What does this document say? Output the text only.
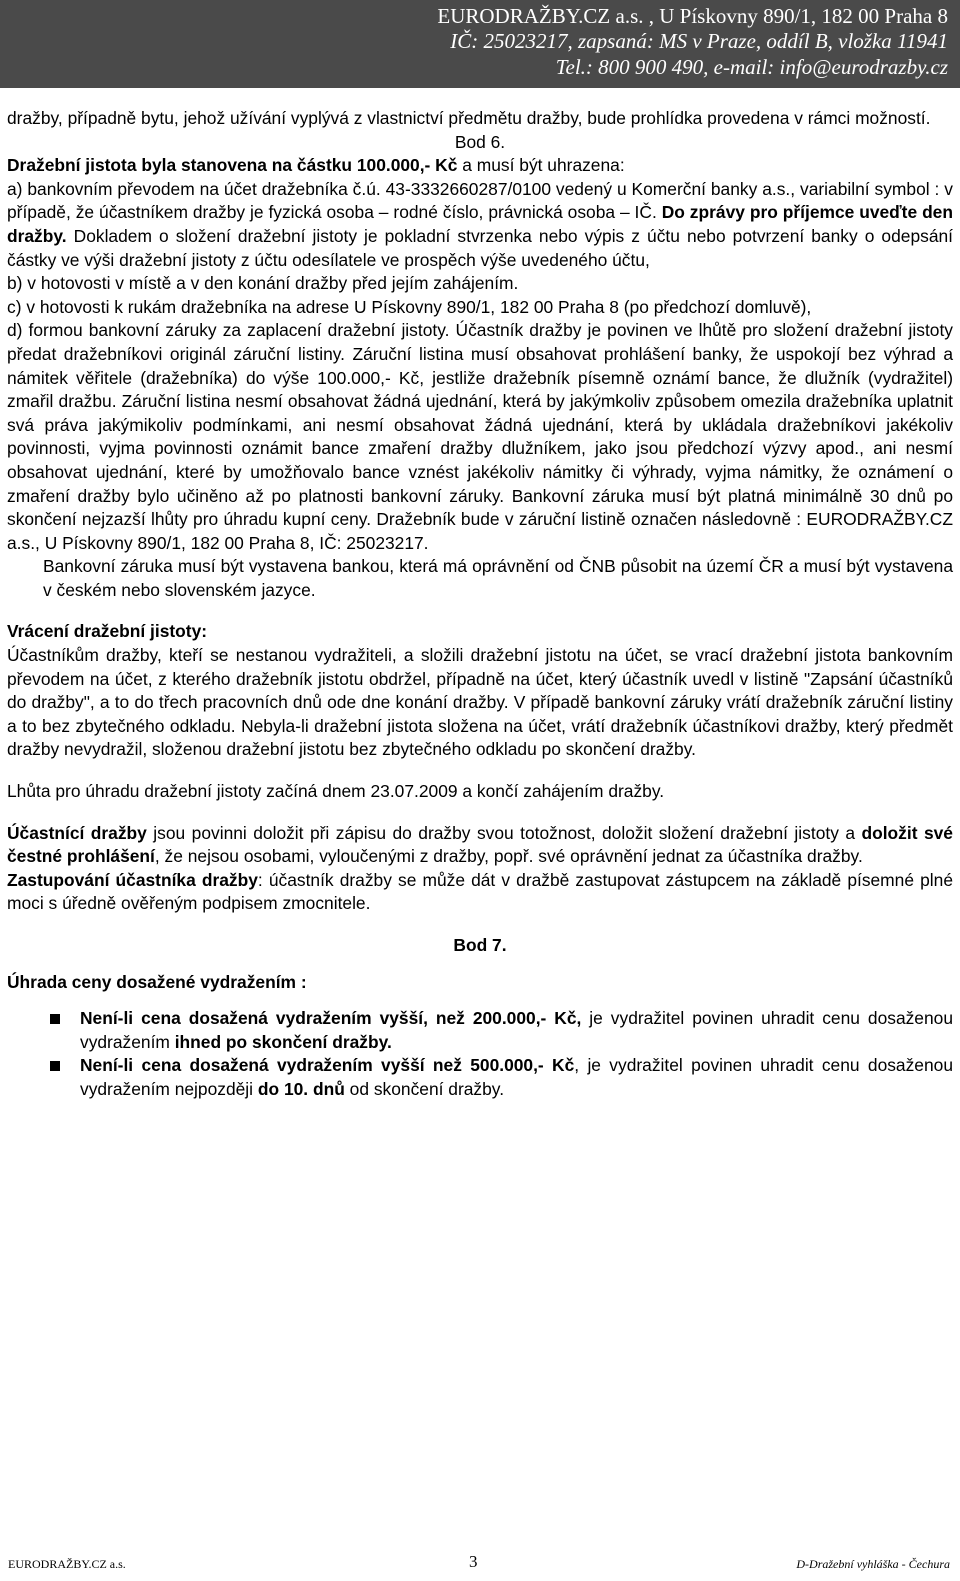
EURODRAŽBY.CZ a.s. , U Pískovny 890/1, 182 00 Praha 8
IČ: 25023217, zapsaná: MS v Praze, oddíl B, vložka 11941
Tel.: 800 900 490, e-mail: info@eurodrazby.cz

dražby, případně bytu, jehož užívání vyplývá z vlastnictví předmětu dražby, bude prohlídka provedena v rámci možností.

Bod 6.

Dražební jistota byla stanovena na částku 100.000,- Kč a musí být uhrazena:

a) bankovním převodem na účet dražebníka č.ú. 43-3332660287/0100 vedený u Komerční banky a.s., variabilní symbol : v případě, že účastníkem dražby je fyzická osoba – rodné číslo, právnická osoba – IČ. Do zprávy pro příjemce uveďte den dražby. Dokladem o složení dražební jistoty je pokladní stvrzenka nebo výpis z účtu nebo potvrzení banky o odepsání částky ve výši dražební jistoty z účtu odesílatele ve prospěch výše uvedeného účtu,

b) v hotovosti v místě a v den konání dražby před jejím zahájením.

c) v hotovosti k rukám dražebníka na adrese U Pískovny 890/1, 182 00 Praha 8 (po předchozí domluvě),

d) formou bankovní záruky za zaplacení dražební jistoty. Účastník dražby je povinen ve lhůtě pro složení dražební jistoty předat dražebníkovi originál záruční listiny. Záruční listina musí obsahovat prohlášení banky, že uspokojí bez výhrad a námitek věřitele (dražebníka) do výše 100.000,- Kč, jestliže dražebník písemně oznámí bance, že dlužník (vydražitel) zmařil dražbu. Záruční listina nesmí obsahovat žádná ujednání, která by jakýmkoliv způsobem omezila dražebníka uplatnit svá práva jakýmikoliv podmínkami, ani nesmí obsahovat žádná ujednání, která by ukládala dražebníkovi jakékoliv povinnosti, vyjma povinnosti oznámit bance zmaření dražby dlužníkem, jako jsou předchozí výzvy apod., ani nesmí obsahovat ujednání, které by umožňovalo bance vznést jakékoliv námitky či výhrady, vyjma námitky, že oznámení o zmaření dražby bylo učiněno až po platnosti bankovní záruky. Bankovní záruka musí být platná minimálně 30 dnů po skončení nejzazší lhůty pro úhradu kupní ceny. Dražebník bude v záruční listině označen následovně : EURODRAŽBY.CZ a.s., U Pískovny 890/1, 182 00 Praha 8, IČ: 25023217.

Bankovní záruka musí být vystavena bankou, která má oprávnění od ČNB působit na území ČR a musí být vystavena v českém nebo slovenském jazyce.

Vrácení dražební jistoty:

Účastníkům dražby, kteří se nestanou vydražiteli, a složili dražební jistotu na účet, se vrací dražební jistota bankovním převodem na účet, z kterého dražebník jistotu obdržel, případně na účet, který účastník uvedl v listině "Zapsání účastníků do dražby", a to do třech pracovních dnů ode dne konání dražby. V případě bankovní záruky vrátí dražebník záruční listiny a to bez zbytečného odkladu. Nebyla-li dražební jistota složena na účet, vrátí dražebník účastníkovi dražby, který předmět dražby nevydražil, složenou dražební jistotu bez zbytečného odkladu po skončení dražby.

Lhůta pro úhradu dražební jistoty začíná dnem 23.07.2009 a končí zahájením dražby.

Účastnící dražby jsou povinni doložit při zápisu do dražby svou totožnost, doložit složení dražební jistoty a doložit své čestné prohlášení, že nejsou osobami, vyloučenými z dražby, popř. své oprávnění jednat za účastníka dražby.

Zastupování účastníka dražby: účastník dražby se může dát v dražbě zastupovat zástupcem na základě písemné plné moci s úředně ověřeným podpisem zmocnitele.

Bod 7.

Úhrada ceny dosažené vydražením :

Není-li cena dosažená vydražením vyšší, než 200.000,- Kč, je vydražitel povinen uhradit cenu dosaženou vydražením ihned po skončení dražby.
Není-li cena dosažená vydražením vyšší než 500.000,- Kč, je vydražitel povinen uhradit cenu dosaženou vydražením nejpozději do 10. dnů od skončení dražby.
EURODRAŽBY.CZ a.s.	3	D-Dražební vyhláška - Čechura
